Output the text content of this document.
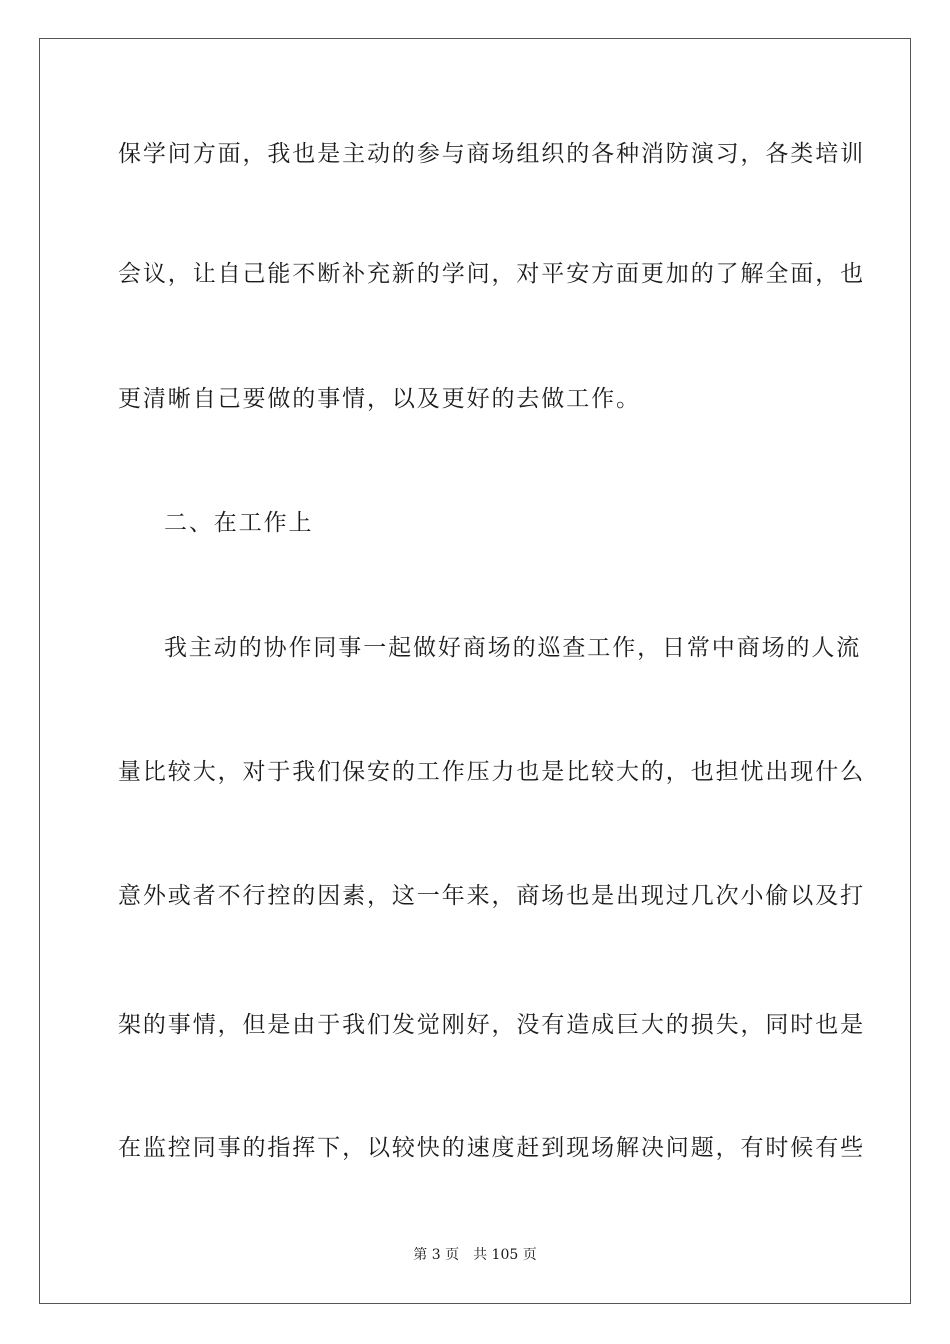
保学问方面，我也是主动的参与商场组织的各种消防演习，各类培训
会议，让自己能不断补充新的学问，对平安方面更加的了解全面，也
更清晰自己要做的事情，以及更好的去做工作。
二、在工作上
我主动的协作同事一起做好商场的巡查工作，日常中商场的人流
量比较大，对于我们保安的工作压力也是比较大的，也担忧出现什么
意外或者不行控的因素，这一年来，商场也是出现过几次小偷以及打
架的事情，但是由于我们发觉刚好，没有造成巨大的损失，同时也是
在监控同事的指挥下，以较快的速度赶到现场解决问题，有时候有些
第 3 页 共 105 页
